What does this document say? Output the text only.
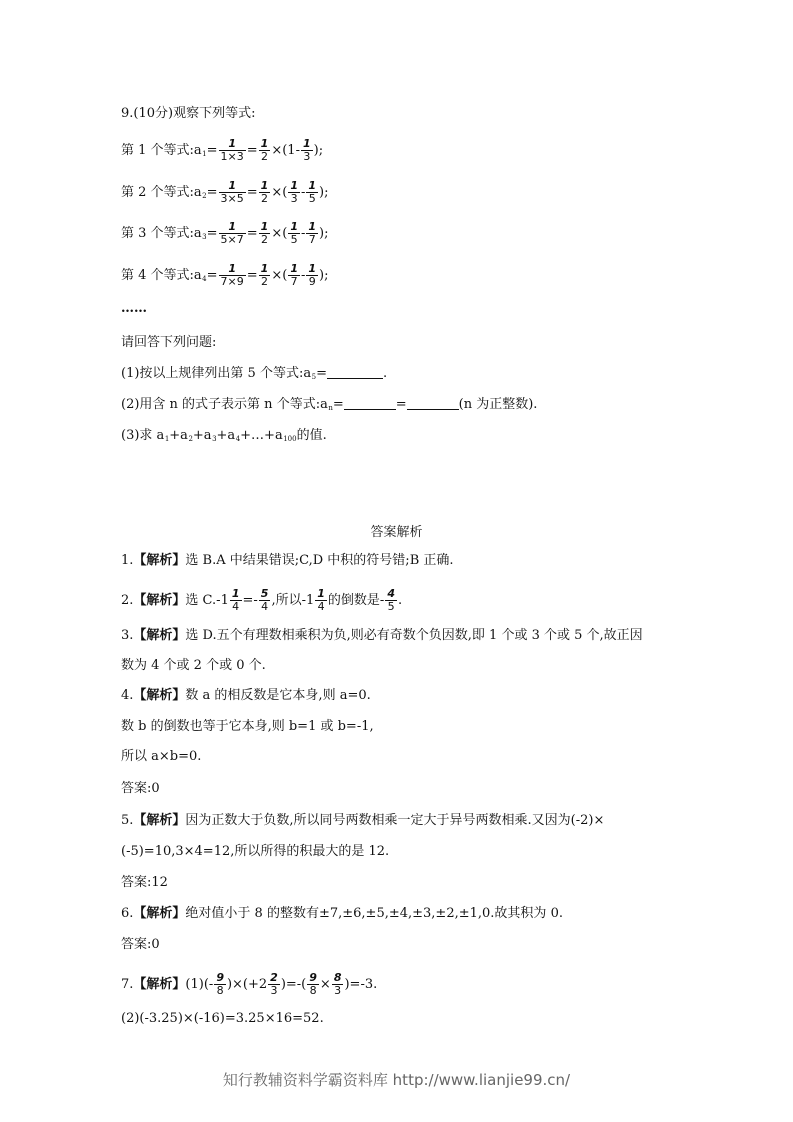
9.(10分)观察下列等式:
第 1 个等式$:a_1= \frac{1}{1\times 3} = \frac{1}{2} \times(1- \frac{1}{3}$ );
第 2 个等式$:a_2= \frac{1}{3\times 5} = \frac{1}{2}$ ×( $\frac{1}{3} - \frac{1}{5}$ );
第 3 个等式$:a_3= \frac{1}{5\times 7} = \frac{1}{2}$ ×( $\frac{1}{5} - \frac{1}{7}$ );
第 4 个等式$:a_4= \frac{1}{7\times 9} = \frac{1}{2}$ ×( $\frac{1}{7} - \frac{1}{9}$ );
……
请回答下列问题:
(1)按以上规律列出第 5 个等式$:a_5=$	.
(2)用含 n 的式子表示第 n 个等式$:a_n=$	=	(n 为正整数).
(3)求 $a_1+a_2+a_3+a_4+\dots+a_{100}$的值.
答案解析
1.【解析】选 B.A 中结果错误;C,D 中积的符号错;B 正确.
2.【解析】选 $C.-1 \frac{1}{4} =- \frac{5}{4}$ ,所以$-1 \frac{1}{4}$ 的倒数是- $\frac{4}{5}$ .
3.【解析】选 D.五个有理数相乘积为负,则必有奇数个负因数,即 1 个或 3 个或 5 个,故正因
数为 4 个或 2 个或 0 个.
4.【解析】数 a 的相反数是它本身,则 a=0.
数 b 的倒数也等于它本身,则 b=1 或 b=-1,
所以 a×b=0.
答案:0
5.【解析】因为正数大于负数,所以同号两数相乘一定大于异号两数相乘.又因为(-2)×
(-5)=10,3×4=12,所以所得的积最大的是 12.
答案:12
6.【解析】绝对值小于 8 的整数有±7,±6,±5,±4,±3,±2,±1,0.故其积为 0.
答案:0
7.【解析】$(1)(- \frac{9}{8} )\times(+2 \frac{2}{3}$ )=-( $\frac{9}{8} \times \frac{8}{3} )=-3$.
(2)(-3.25)×(-16)=3.25×16=52.
知行教辅资料学霸资料库 http://www.lianjie99.cn/
